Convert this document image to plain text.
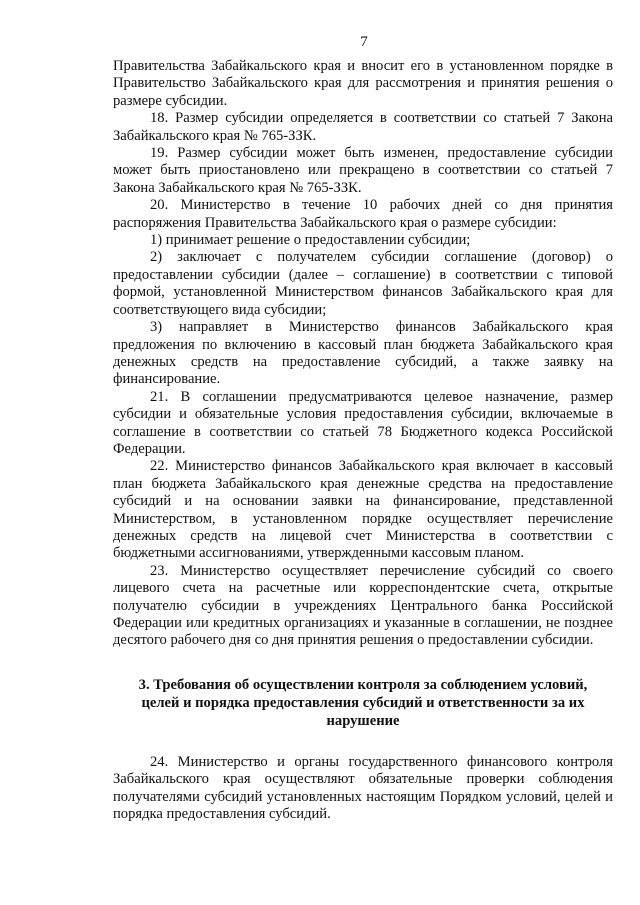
7

Правительства Забайкальского края и вносит его в установленном порядке в Правительство Забайкальского края для рассмотрения и принятия решения о размере субсидии.

18. Размер субсидии определяется в соответствии со статьей 7 Закона Забайкальского края № 765-ЗЗК.

19. Размер субсидии может быть изменен, предоставление субсидии может быть приостановлено или прекращено в соответствии со статьей 7 Закона Забайкальского края № 765-ЗЗК.

20. Министерство в течение 10 рабочих дней со дня принятия распоряжения Правительства Забайкальского края о размере субсидии:

1) принимает решение о предоставлении субсидии;

2) заключает с получателем субсидии соглашение (договор) о предоставлении субсидии (далее – соглашение) в соответствии с типовой формой, установленной Министерством финансов Забайкальского края для соответствующего вида субсидии;

3) направляет в Министерство финансов Забайкальского края предложения по включению в кассовый план бюджета Забайкальского края денежных средств на предоставление субсидий, а также заявку на финансирование.

21. В соглашении предусматриваются целевое назначение, размер субсидии и обязательные условия предоставления субсидии, включаемые в соглашение в соответствии со статьей 78 Бюджетного кодекса Российской Федерации.

22. Министерство финансов Забайкальского края включает в кассовый план бюджета Забайкальского края денежные средства на предоставление субсидий и на основании заявки на финансирование, представленной Министерством, в установленном порядке осуществляет перечисление денежных средств на лицевой счет Министерства в соответствии с бюджетными ассигнованиями, утвержденными кассовым планом.

23. Министерство осуществляет перечисление субсидий со своего лицевого счета на расчетные или корреспондентские счета, открытые получателю субсидии в учреждениях Центрального банка Российской Федерации или кредитных организациях и указанные в соглашении, не позднее десятого рабочего дня со дня принятия решения о предоставлении субсидии.

3. Требования об осуществлении контроля за соблюдением условий, целей и порядка предоставления субсидий и ответственности за их нарушение

24. Министерство и органы государственного финансового контроля Забайкальского края осуществляют обязательные проверки соблюдения получателями субсидий установленных настоящим Порядком условий, целей и порядка предоставления субсидий.
